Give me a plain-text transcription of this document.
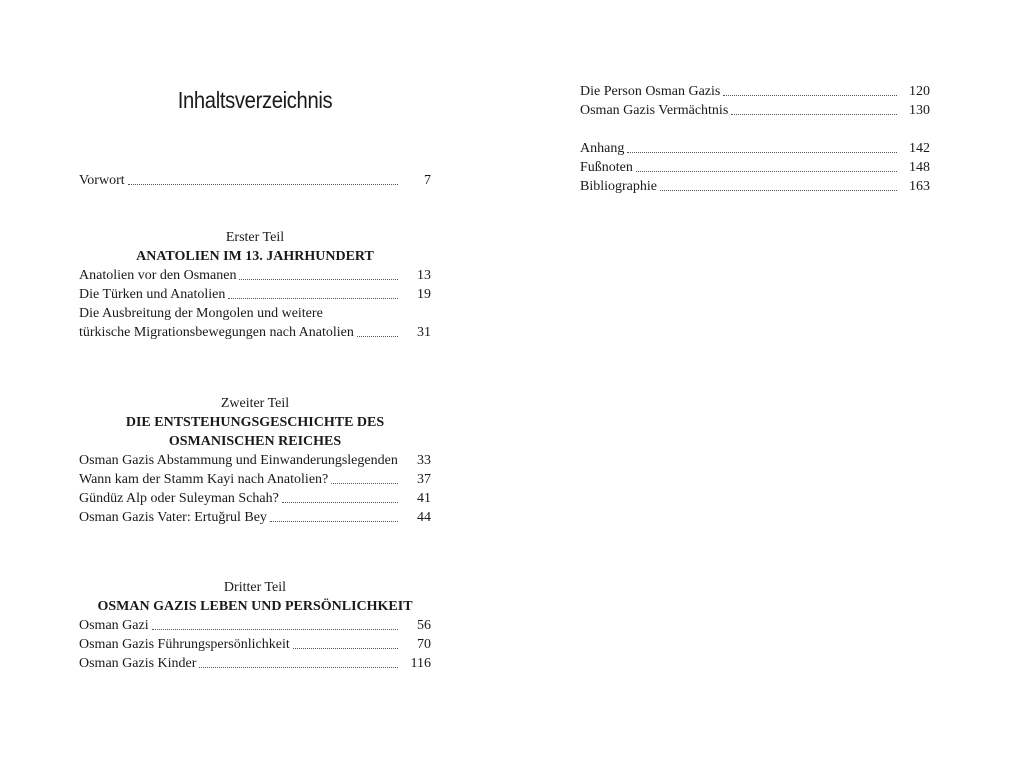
Inhaltsverzeichnis
Vorwort	7
Erster Teil
ANATOLIEN IM 13. JAHRHUNDERT
Anatolien vor den Osmanen	13
Die Türken und Anatolien	19
Die Ausbreitung der Mongolen und weitere
türkische Migrationsbewegungen nach Anatolien	31
Zweiter Teil
DIE ENTSTEHUNGSGESCHICHTE DES
OSMANISCHEN REICHES
Osman Gazis Abstammung und Einwanderungslegenden	33
Wann kam der Stamm Kayi nach Anatolien?	37
Gündüz Alp oder Suleyman Schah?	41
Osman Gazis Vater: Ertuğrul Bey	44
Dritter Teil
OSMAN GAZIS LEBEN UND PERSÖNLICHKEIT
Osman Gazi	56
Osman Gazis Führungspersönlichkeit	70
Osman Gazis Kinder	116
Die Person Osman Gazis	120
Osman Gazis Vermächtnis	130
Anhang	142
Fußnoten	148
Bibliographie	163
